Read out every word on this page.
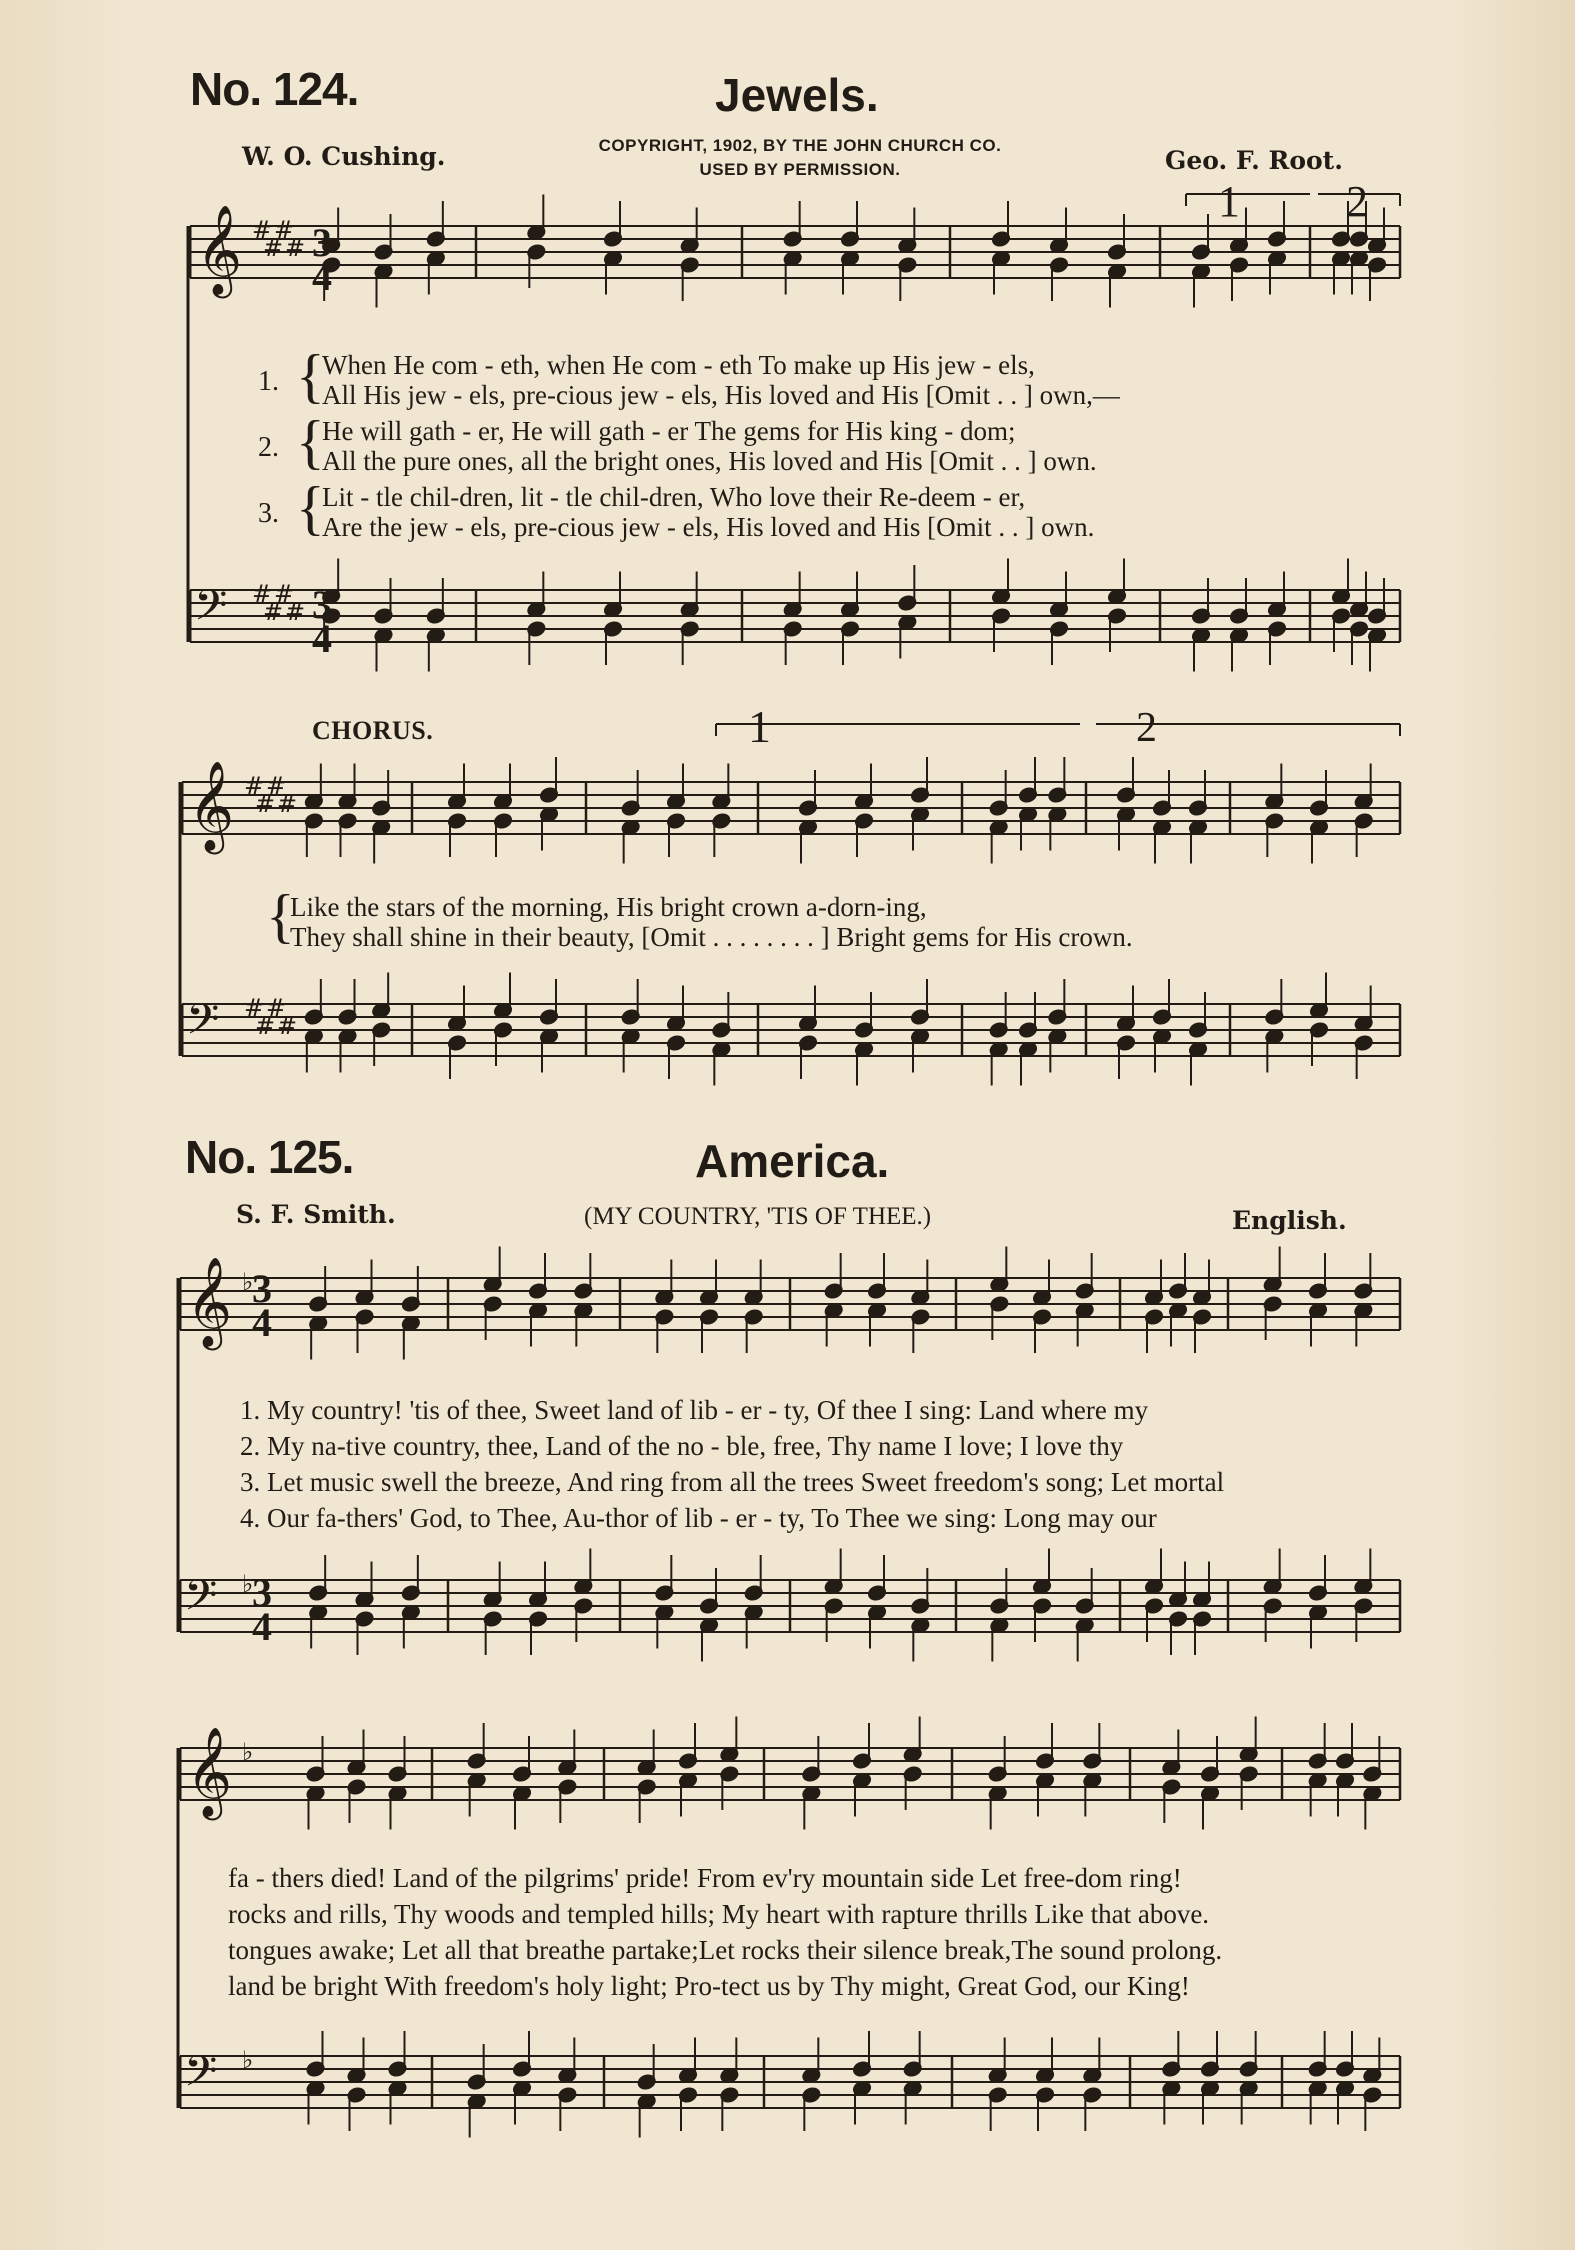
𝄞 #
#
#
#
𝄢 #
#
#
#
𝄞 #
#
#
#
𝄢 #
#
#
#
𝄞 ♭
𝄢 ♭
𝄞 ♭
𝄢 ♭
No. 124.	Jewels.
W. O. Cushing.	Geo. F. Root.
COPYRIGHT, 1902, BY THE JOHN CHURCH CO.
USED BY PERMISSION.
1 2
3
4
3
4
1. {
When He com - eth, when He com - eth To make up His jew - els,
All His jew - els, pre-cious jew - els, His loved and His [Omit . . ] own,—
2. {
He will gath - er, He will gath - er The gems for His king - dom;
All the pure ones, all the bright ones, His loved and His [Omit . . ] own.
3. {
Lit - tle chil-dren, lit - tle chil-dren, Who love their Re-deem - er,
Are the jew - els, pre-cious jew - els, His loved and His [Omit . . ] own.
CHORUS.	1	2
{
Like the stars of the morning, His bright crown a-dorn-ing,
They shall shine in their beauty, [Omit . . . . . . . . ] Bright gems for His crown.
No. 125.	America.
S. F. Smith.	(MY COUNTRY, 'TIS OF THEE.)	English.
3
4
3
4
1. My country! 'tis of thee, Sweet land of lib - er - ty, Of thee I sing: Land where my
2. My na-tive country, thee, Land of the no - ble, free, Thy name I love; I love thy
3. Let music swell the breeze, And ring from all the trees Sweet freedom's song; Let mortal
4. Our fa-thers' God, to Thee, Au-thor of lib - er - ty, To Thee we sing: Long may our
fa - thers died! Land of the pilgrims' pride! From ev'ry mountain side Let free-dom ring!
rocks and rills, Thy woods and templed hills; My heart with rapture thrills Like that above.
tongues awake; Let all that breathe partake;Let rocks their silence break,The sound prolong.
land be bright With freedom's holy light; Pro-tect us by Thy might, Great God, our King!
